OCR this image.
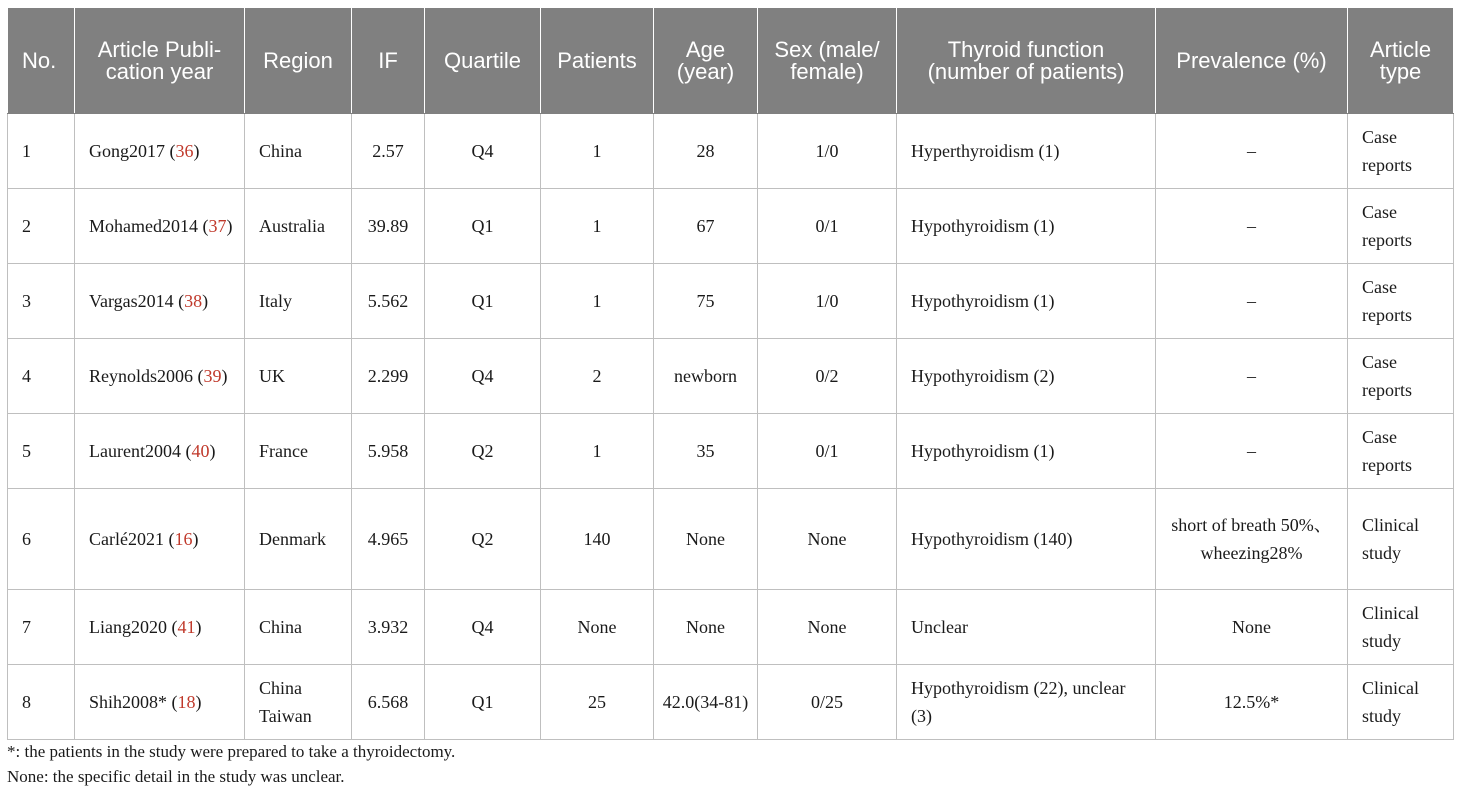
No.	Article Publi-cation year	Region	IF	Quartile	Patients	Age (year)	Sex (male/ female)	Thyroid function (number of patients)	Prevalence (%)	Article type
1	Gong2017 (36)	China	2.57	Q4	1	28	1/0	Hyperthyroidism (1)	–	Case reports
2	Mohamed2014 (37)	Australia	39.89	Q1	1	67	0/1	Hypothyroidism (1)	–	Case reports
3	Vargas2014 (38)	Italy	5.562	Q1	1	75	1/0	Hypothyroidism (1)	–	Case reports
4	Reynolds2006 (39)	UK	2.299	Q4	2	newborn	0/2	Hypothyroidism (2)	–	Case reports
5	Laurent2004 (40)	France	5.958	Q2	1	35	0/1	Hypothyroidism (1)	–	Case reports
6	Carlé2021 (16)	Denmark	4.965	Q2	140	None	None	Hypothyroidism (140)	short of breath 50%、wheezing28%	Clinical study
7	Liang2020 (41)	China	3.932	Q4	None	None	None	Unclear	None	Clinical study
8	Shih2008* (18)	China Taiwan	6.568	Q1	25	42.0(34-81)	0/25	Hypothyroidism (22), unclear (3)	12.5%*	Clinical study
*: the patients in the study were prepared to take a thyroidectomy.
None: the specific detail in the study was unclear.
